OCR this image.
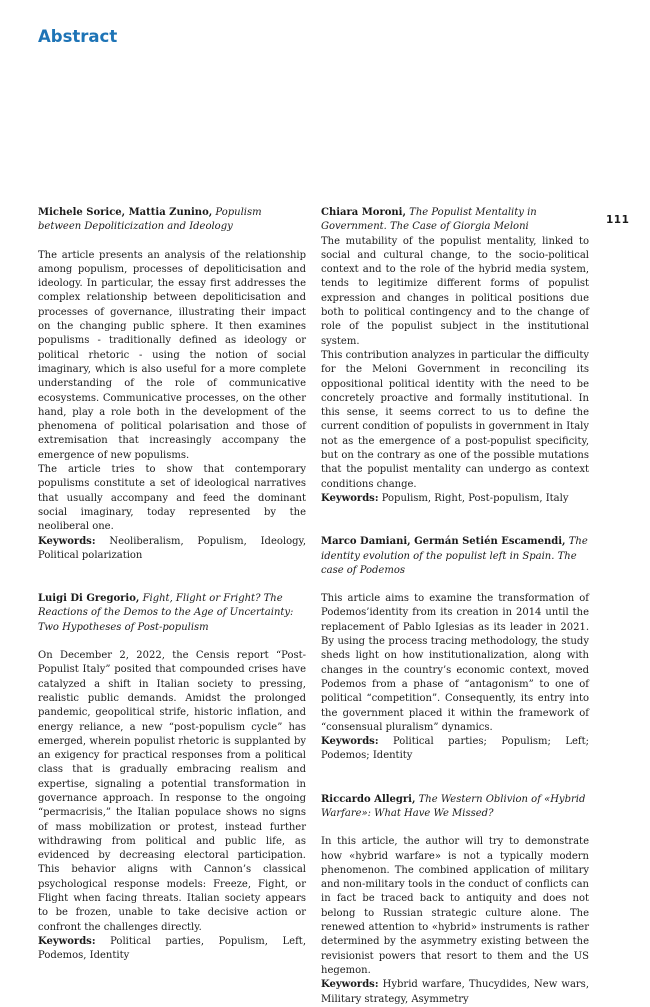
Abstract
111

Michele Sorice, Mattia Zunino, Populism between Depoliticization and Ideology

The article presents an analysis of the relationship among populism, processes of depoliticisation and ideology. In particular, the essay first addresses the complex relationship between depoliticisation and processes of governance, illustrating their impact on the changing public sphere. It then examines populisms - traditionally defined as ideology or political rhetoric - using the notion of social imaginary, which is also useful for a more complete understanding of the role of communicative ecosystems. Communicative processes, on the other hand, play a role both in the development of the phenomena of political polarisation and those of extremisation that increasingly accompany the emergence of new populisms.

The article tries to show that contemporary populisms constitute a set of ideological narratives that usually accompany and feed the dominant social imaginary, today represented by the neoliberal one.

Keywords: Neoliberalism, Populism, Ideology, Political polarization

Luigi Di Gregorio, Fight, Flight or Fright? The Reactions of the Demos to the Age of Uncertainty: Two Hypotheses of Post-populism

On December 2, 2022, the Censis report “Post-Populist Italy” posited that compounded crises have catalyzed a shift in Italian society to pressing, realistic public demands. Amidst the prolonged pandemic, geopolitical strife, historic inflation, and energy reliance, a new “post-populism cycle” has emerged, wherein populist rhetoric is supplanted by an exigency for practical responses from a political class that is gradually embracing realism and expertise, signaling a potential transformation in governance approach. In response to the ongoing “permacrisis,” the Italian populace shows no signs of mass mobilization or protest, instead further withdrawing from political and public life, as evidenced by decreasing electoral participation. This behavior aligns with Cannon’s classical psychological response models: Freeze, Fight, or Flight when facing threats. Italian society appears to be frozen, unable to take decisive action or confront the challenges directly.

Keywords: Political parties, Populism, Left, Podemos, Identity

Chiara Moroni, The Populist Mentality in Government. The Case of Giorgia Meloni

The mutability of the populist mentality, linked to social and cultural change, to the socio-political context and to the role of the hybrid media system, tends to legitimize different forms of populist expression and changes in political positions due both to political contingency and to the change of role of the populist subject in the institutional system.

This contribution analyzes in particular the difficulty for the Meloni Government in reconciling its oppositional political identity with the need to be concretely proactive and formally institutional. In this sense, it seems correct to us to define the current condition of populists in government in Italy not as the emergence of a post-populist specificity, but on the contrary as one of the possible mutations that the populist mentality can undergo as context conditions change.

Keywords: Populism, Right, Post-populism, Italy

Marco Damiani, Germán Setién Escamendi, The identity evolution of the populist left in Spain. The case of Podemos

This article aims to examine the transformation of Podemos’identity from its creation in 2014 until the replacement of Pablo Iglesias as its leader in 2021. By using the process tracing methodology, the study sheds light on how institutionalization, along with changes in the country’s economic context, moved Podemos from a phase of “antagonism” to one of political “competition”. Consequently, its entry into the government placed it within the framework of “consensual pluralism” dynamics.

Keywords: Political parties; Populism; Left; Podemos; Identity

Riccardo Allegri, The Western Oblivion of «Hybrid Warfare»: What Have We Missed?

In this article, the author will try to demonstrate how «hybrid warfare» is not a typically modern phenomenon. The combined application of military and non-military tools in the conduct of conflicts can in fact be traced back to antiquity and does not belong to Russian strategic culture alone. The renewed attention to «hybrid» instruments is rather determined by the asymmetry existing between the revisionist powers that resort to them and the US hegemon.

Keywords: Hybrid warfare, Thucydides, New wars, Military strategy, Asymmetry
